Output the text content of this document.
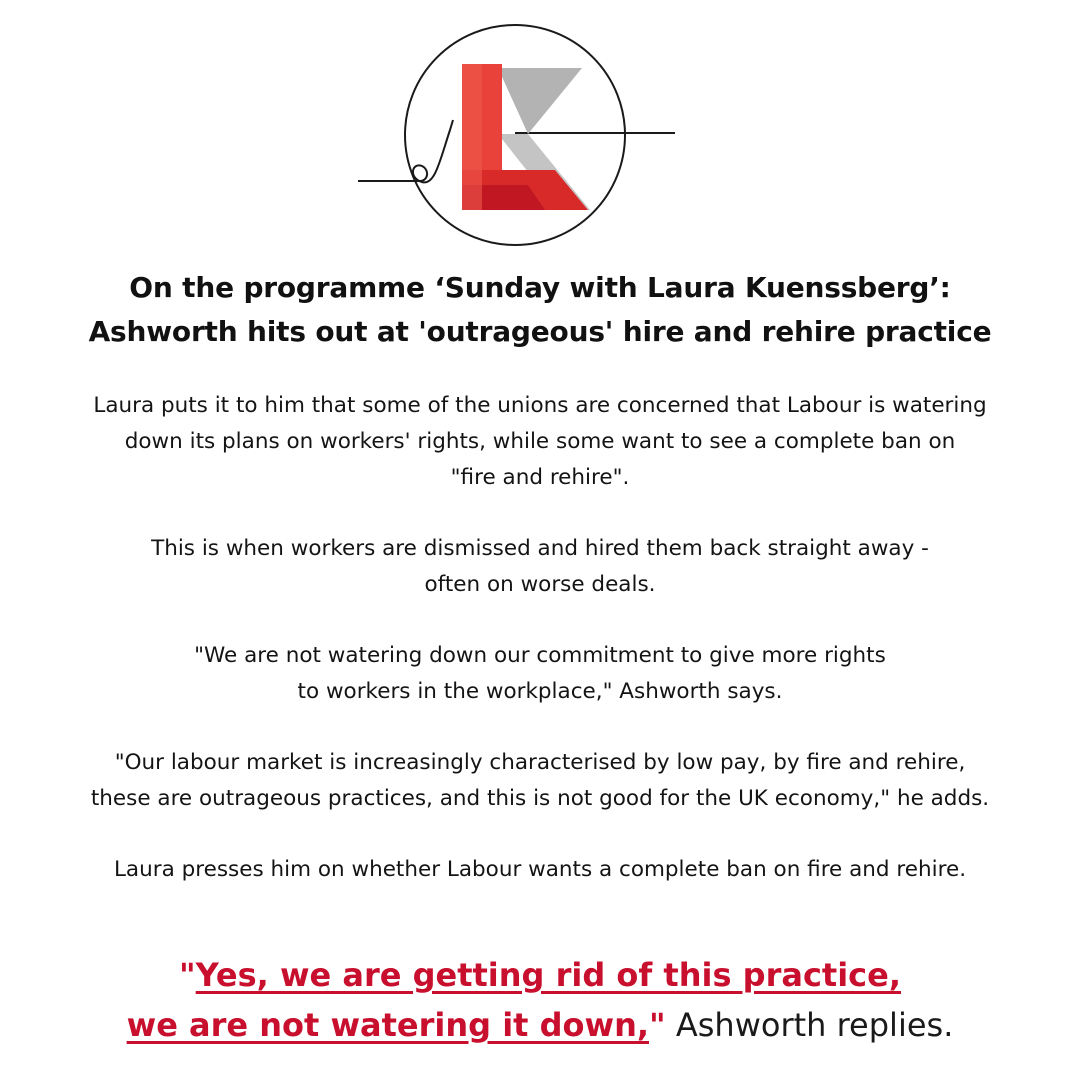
On the programme ‘Sunday with Laura Kuenssberg’:
Ashworth hits out at 'outrageous' hire and rehire practice
Laura puts it to him that some of the unions are concerned that Labour is watering
down its plans on workers' rights, while some want to see a complete ban on
"fire and rehire".
This is when workers are dismissed and hired them back straight away -
often on worse deals.
"We are not watering down our commitment to give more rights
to workers in the workplace," Ashworth says.
"Our labour market is increasingly characterised by low pay, by fire and rehire,
these are outrageous practices, and this is not good for the UK economy," he adds.
Laura presses him on whether Labour wants a complete ban on fire and rehire.
"Yes, we are getting rid of this practice,
we are not watering it down," Ashworth replies.
